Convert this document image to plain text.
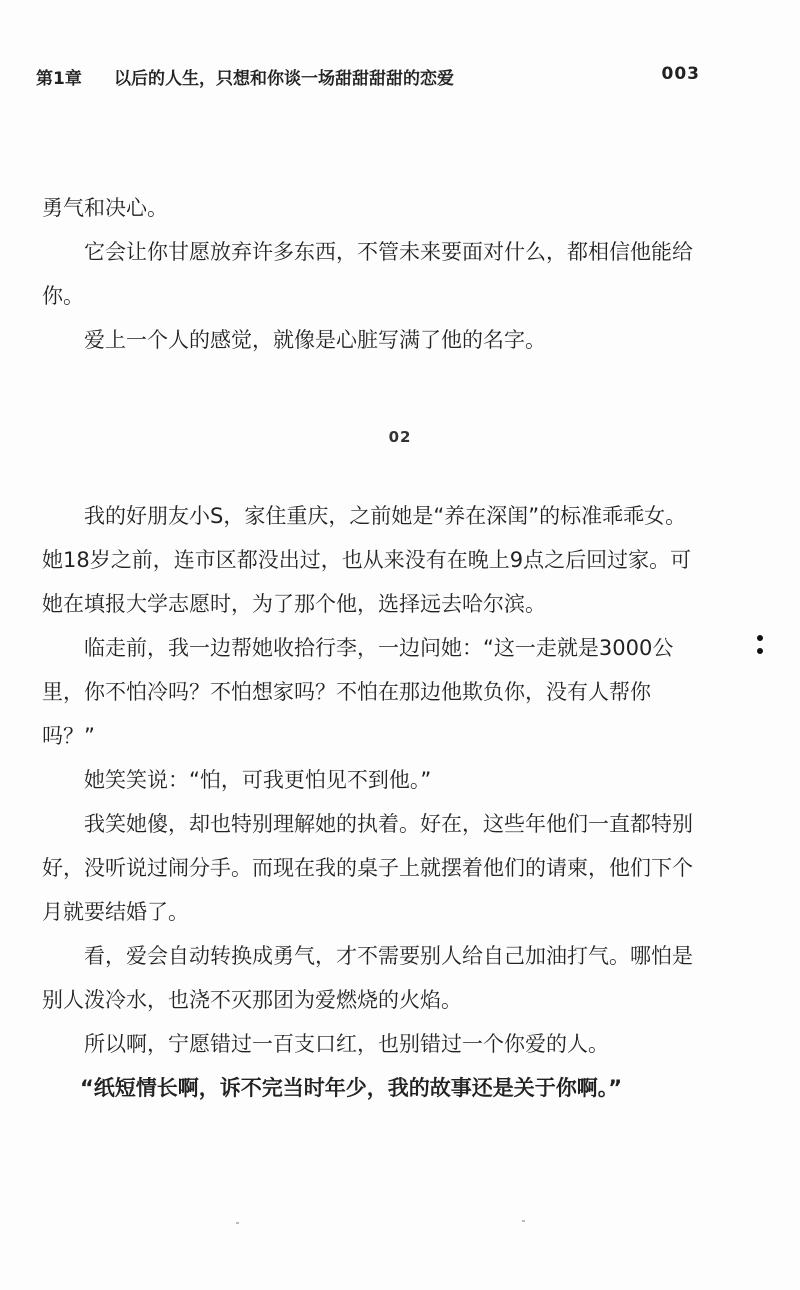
第1章 以后的人生，只想和你谈一场甜甜甜甜的恋爱	003

勇气和决心。

它会让你甘愿放弃许多东西，不管未来要面对什么，都相信他能给你。

爱上一个人的感觉，就像是心脏写满了他的名字。

02

我的好朋友小S，家住重庆，之前她是“养在深闺”的标准乖乖女。她18岁之前，连市区都没出过，也从来没有在晚上9点之后回过家。可她在填报大学志愿时，为了那个他，选择远去哈尔滨。

临走前，我一边帮她收拾行李，一边问她：“这一走就是3000公里，你不怕冷吗？不怕想家吗？不怕在那边他欺负你，没有人帮你吗？”

她笑笑说：“怕，可我更怕见不到他。”

我笑她傻，却也特别理解她的执着。好在，这些年他们一直都特别好，没听说过闹分手。而现在我的桌子上就摆着他们的请柬，他们下个月就要结婚了。

看，爱会自动转换成勇气，才不需要别人给自己加油打气。哪怕是别人泼冷水，也浇不灭那团为爱燃烧的火焰。

所以啊，宁愿错过一百支口红，也别错过一个你爱的人。

“纸短情长啊，诉不完当时年少，我的故事还是关于你啊。”
